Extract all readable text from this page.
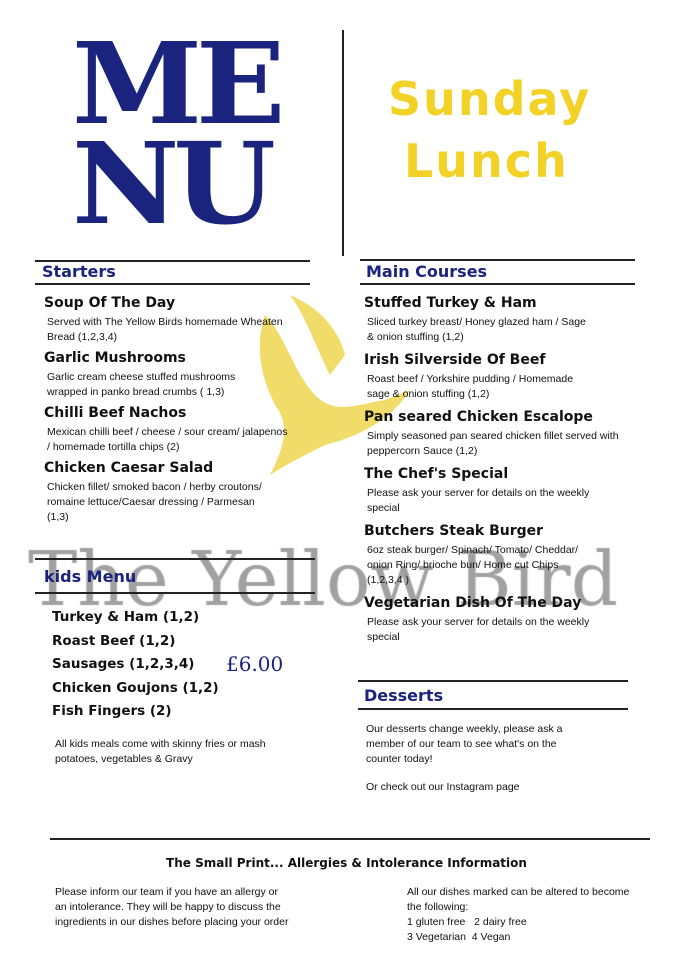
ME
NU
Sunday
Lunch
Starters
Soup Of The Day
Served with The Yellow Birds homemade Wheaten Bread (1,2,3,4)
Garlic Mushrooms
Garlic cream cheese stuffed mushrooms wrapped in panko bread crumbs ( 1,3)
Chilli Beef Nachos
Mexican chilli beef / cheese / sour cream/ jalapenos / homemade tortilla chips (2)
Chicken Caesar Salad
Chicken fillet/ smoked bacon / herby croutons/ romaine lettuce/Caesar dressing / Parmesan (1,3)
kids Menu
Turkey & Ham (1,2)
Roast Beef (1,2)
Sausages (1,2,3,4)
Chicken Goujons (1,2)
Fish Fingers (2)
£6.00
All kids meals come with skinny fries or mash potatoes, vegetables & Gravy
Main Courses
Stuffed Turkey & Ham
Sliced turkey breast/ Honey glazed ham / Sage & onion stuffing (1,2)
Irish Silverside Of Beef
Roast beef / Yorkshire pudding / Homemade sage & onion stuffing (1,2)
Pan seared Chicken Escalope
Simply seasoned pan seared chicken fillet served with peppercorn Sauce (1,2)
The Chef's Special
Please ask your server for details on the weekly special
Butchers Steak Burger
6oz steak burger/ Spinach/ Tomato/ Cheddar/ onion Ring/ brioche bun/ Home cut Chips (1,2,3,4 )
Vegetarian Dish Of The Day
Please ask your server for details on the weekly special
Desserts
Our desserts change weekly, please ask a member of our team to see what's on the counter today!
Or check out our Instagram page
The Small Print... Allergies & Intolerance Information
Please inform our team if you have an allergy or an intolerance. They will be happy to discuss the ingredients in our dishes before placing your order
All our dishes marked can be altered to become the following:
1 gluten free   2 dairy free
3 Vegetarian  4 Vegan
